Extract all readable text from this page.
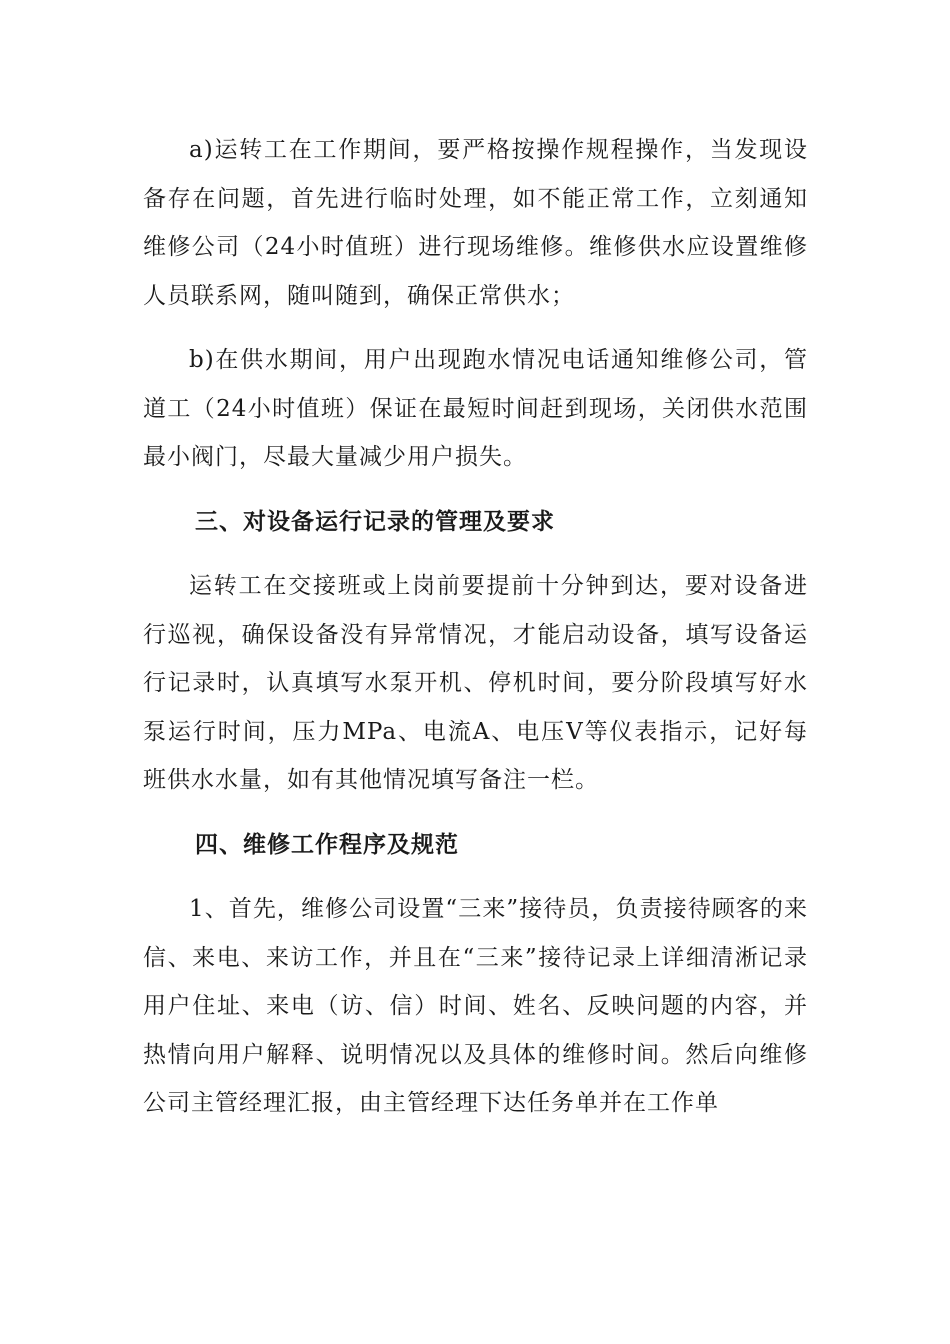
a)运转工在工作期间，要严格按操作规程操作，当发现设备存在问题，首先进行临时处理，如不能正常工作，立刻通知维修公司（24小时值班）进行现场维修。维修供水应设置维修人员联系网，随叫随到，确保正常供水；

b)在供水期间，用户出现跑水情况电话通知维修公司，管道工（24小时值班）保证在最短时间赶到现场，关闭供水范围最小阀门，尽最大量减少用户损失。

三、对设备运行记录的管理及要求

运转工在交接班或上岗前要提前十分钟到达，要对设备进行巡视，确保设备没有异常情况，才能启动设备，填写设备运行记录时，认真填写水泵开机、停机时间，要分阶段填写好水泵运行时间，压力MPa、电流A、电压V等仪表指示，记好每班供水水量，如有其他情况填写备注一栏。

四、维修工作程序及规范

1、首先，维修公司设置“三来”接待员，负责接待顾客的来信、来电、来访工作，并且在“三来”接待记录上详细清淅记录用户住址、来电（访、信）时间、姓名、反映问题的内容，并热情向用户解释、说明情况以及具体的维修时间。然后向维修公司主管经理汇报，由主管经理下达任务单并在工作单
